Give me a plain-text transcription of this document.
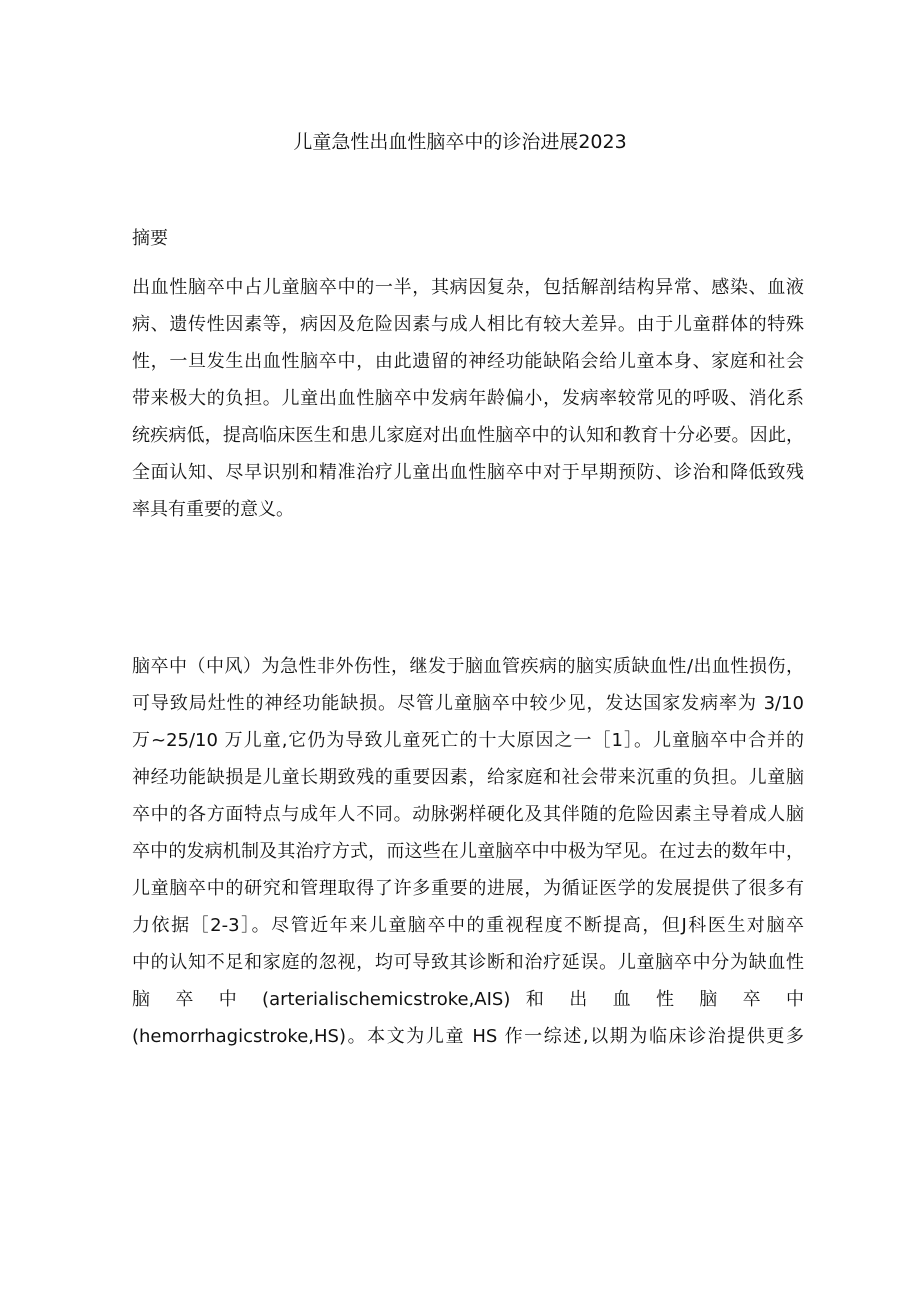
儿童急性出血性脑卒中的诊治进展2023
摘要
出血性脑卒中占儿童脑卒中的一半，其病因复杂，包括解剖结构异常、感染、血液
病、遗传性因素等，病因及危险因素与成人相比有较大差异。由于儿童群体的特殊
性，一旦发生出血性脑卒中，由此遗留的神经功能缺陷会给儿童本身、家庭和社会
带来极大的负担。儿童出血性脑卒中发病年龄偏小，发病率较常见的呼吸、消化系
统疾病低，提高临床医生和患儿家庭对出血性脑卒中的认知和教育十分必要。因此，
全面认知、尽早识别和精准治疗儿童出血性脑卒中对于早期预防、诊治和降低致残
率具有重要的意义。
脑卒中（中风）为急性非外伤性，继发于脑血管疾病的脑实质缺血性/出血性损伤，
可导致局灶性的神经功能缺损。尽管儿童脑卒中较少见，发达国家发病率为 3/10
万~25/10 万儿童,它仍为导致儿童死亡的十大原因之一［1］。儿童脑卒中合并的
神经功能缺损是儿童长期致残的重要因素，给家庭和社会带来沉重的负担。儿童脑
卒中的各方面特点与成年人不同。动脉粥样硬化及其伴随的危险因素主导着成人脑
卒中的发病机制及其治疗方式，而这些在儿童脑卒中中极为罕见。在过去的数年中，
儿童脑卒中的研究和管理取得了许多重要的进展，为循证医学的发展提供了很多有
力依据［2-3］。尽管近年来儿童脑卒中的重视程度不断提高，但J科医生对脑卒
中的认知不足和家庭的忽视，均可导致其诊断和治疗延误。儿童脑卒中分为缺血性
脑 卒 中 (arterialischemicstroke,AIS) 和 出 血 性 脑 卒 中
(hemorrhagicstroke,HS)。本文为儿童 HS 作一综述,以期为临床诊治提供更多
